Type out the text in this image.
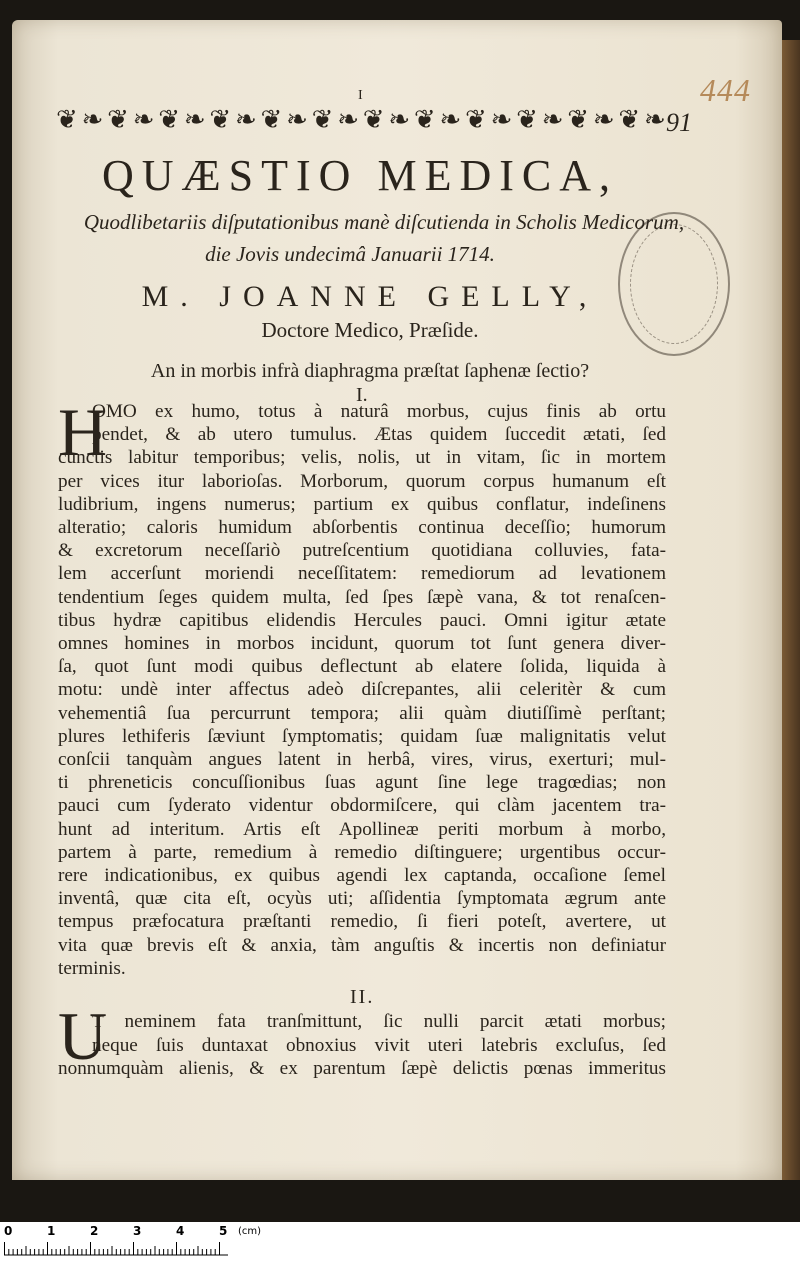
I	444
91
❦ ❧ ❦ ❧ ❦ ❧ ❦ ❧ ❦ ❧ ❦ ❧ ❦ ❧ ❦ ❧ ❦ ❧ ❦ ❧ ❦ ❧ ❦ ❧
QUÆSTIO MEDICA,
Quodlibetariis diſputationibus manè diſcutienda in Scholis Medicorum,
die Jovis undecimâ Januarii 1714.
M. JOANNE GELLY,
Doctore Medico, Præſide.
An in morbis infrà diaphragma præſtat ſaphenæ ſectio?
I.
H
OMO ex humo, totus à naturâ morbus, cujus finis ab ortu
pendet, & ab utero tumulus. Ætas quidem ſuccedit ætati, ſed
cunctis labitur temporibus; velis, nolis, ut in vitam, ſic in mortem
per vices itur laborioſas. Morborum, quorum corpus humanum eſt
ludibrium, ingens numerus; partium ex quibus conflatur, indeſinens
alteratio; caloris humidum abſorbentis continua deceſſio; humorum
& excretorum neceſſariò putreſcentium quotidiana colluvies, fata-
lem accerſunt moriendi neceſſitatem: remediorum ad levationem
tendentium ſeges quidem multa, ſed ſpes ſæpè vana, & tot renaſcen-
tibus hydræ capitibus elidendis Hercules pauci. Omni igitur ætate
omnes homines in morbos incidunt, quorum tot ſunt genera diver-
ſa, quot ſunt modi quibus deflectunt ab elatere ſolida, liquida à
motu: undè inter affectus adeò diſcrepantes, alii celeritèr & cum
vehementiâ ſua percurrunt tempora; alii quàm diutiſſimè perſtant;
plures lethiferis ſæviunt ſymptomatis; quidam ſuæ malignitatis velut
conſcii tanquàm angues latent in herbâ, vires, virus, exerturi; mul-
ti phreneticis concuſſionibus ſuas agunt ſine lege tragœdias; non
pauci cum ſyderato videntur obdormiſcere, qui clàm jacentem tra-
hunt ad interitum. Artis eſt Apollineæ periti morbum à morbo,
partem à parte, remedium à remedio diſtinguere; urgentibus occur-
rere indicationibus, ex quibus agendi lex captanda, occaſione ſemel
inventâ, quæ cita eſt, ocyùs uti; aſſidentia ſymptomata ægrum ante
tempus præfocatura præſtanti remedio, ſi fieri poteſt, avertere, ut
vita quæ brevis eſt & anxia, tàm anguſtis & incertis non definiatur
terminis.
II.
U
T neminem fata tranſmittunt, ſic nulli parcit ætati morbus;
neque ſuis duntaxat obnoxius vivit uteri latebris excluſus, ſed
nonnumquàm alienis, & ex parentum ſæpè delictis pœnas immeritus
0	1	2	3	4	5 (cm)
